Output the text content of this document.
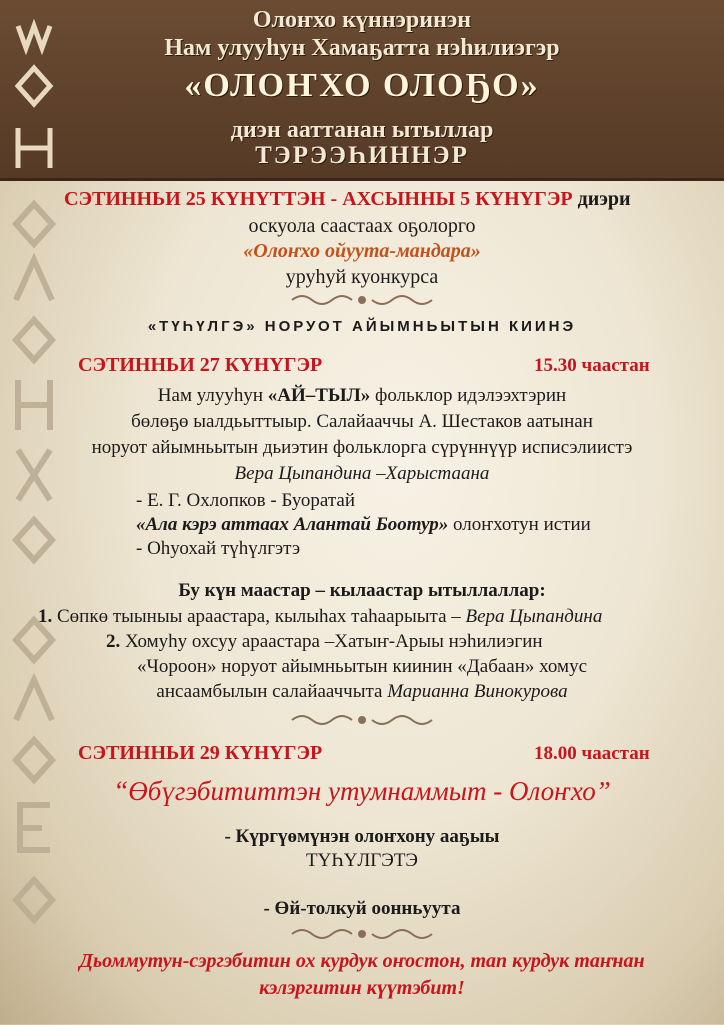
Олоҥхо күннэринэн
Нам улууһун Хамаҕатта нэһилиэгэр
«ОЛОҤХО ОЛОҔО»
диэн ааттанан ытыллар
ТЭРЭЭҺИННЭР
СЭТИННЬИ 25 КҮНҮТТЭН - АХСЫННЫ 5 КҮНҮГЭР диэри
оскуола саастаах оҕолорго
«Олоҥхо ойуута-мандара»
уруһуй куонкурса
«ТҮҺҮЛГЭ» НОРУОТ АЙЫМНЬЫТЫН КИИНЭ
СЭТИННЬИ 27 КҮНҮГЭР	15.30 чаастан
Нам улууһун «АЙ–ТЫЛ» фольклор идэлээхтэрин
бөлөҕө ыалдьыттыыр. Салайааччы А. Шестаков аатынан
норуот айымньытын дьиэтин фольклорга сүрүннүүр исписэлиистэ
Вера Цыпандина –Харыстаана
- Е. Г. Охлопков - Буоратай
«Ала кэрэ аттаах Алантай Боотур» олоҥхотун истии
- Оһуохай түһүлгэтэ
Бу күн маастар – кылаастар ытыллаллар:
1. Сөпкө тыыныы араастара, кылыһах таһаарыыта – Вера Цыпандина
2. Хомуһу охсуу араастара –Хатыҥ-Арыы нэһилиэгин
«Чороон» норуот айымньытын киинин «Дабаан» хомус
ансаамбылын салайааччыта Марианна Винокурова
СЭТИННЬИ 29 КҮНҮГЭР	18.00 чаастан
“Өбүгэбититтэн утумнаммыт - Олоҥхо”
- Күргүөмүнэн олоҥхону ааҕыы
ТҮҺҮЛГЭТЭ
- Өй-толкуй оонньуута
Дьоммутун-сэргэбитин ох курдук оҥостон, тап курдук таҥнан
кэлэргитин күүтэбит!
